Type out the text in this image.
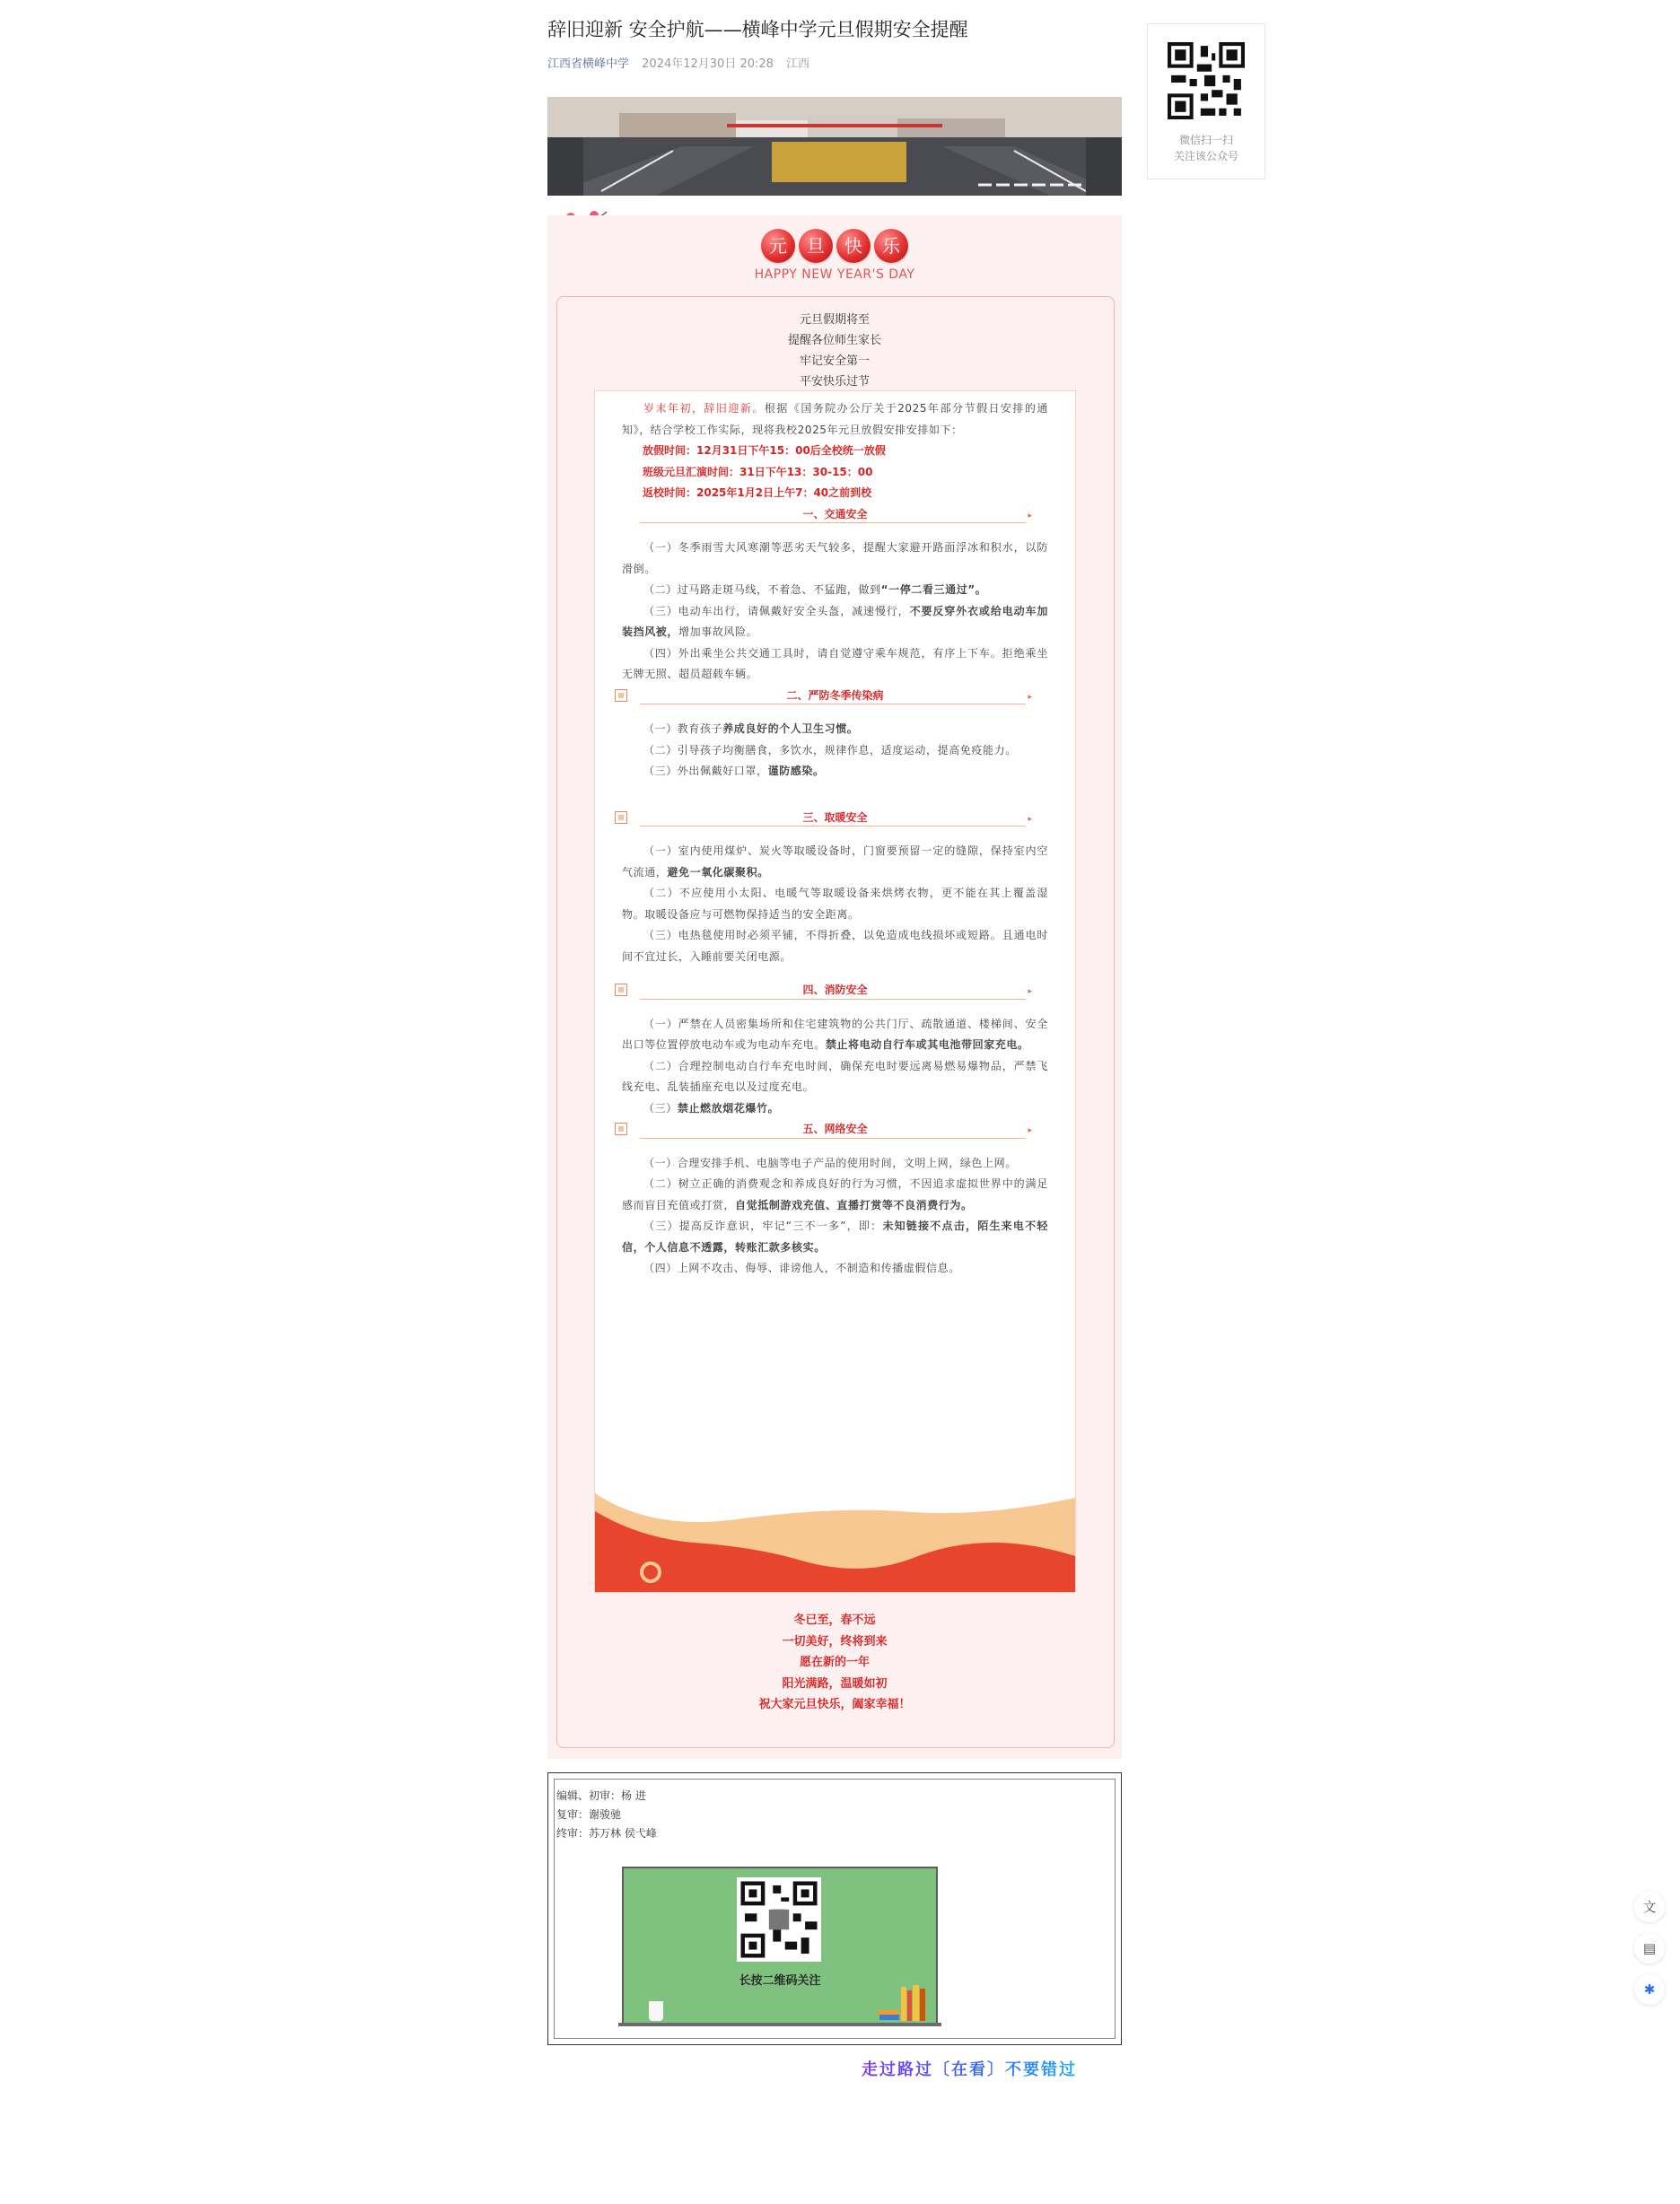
辞旧迎新 安全护航——横峰中学元旦假期安全提醒
江西省横峰中学 2024年12月30日 20:28 江西
元	旦	快	乐
HAPPY NEW YEAR'S DAY
元旦假期将至
提醒各位师生家长
牢记安全第一
平安快乐过节
岁末年初，辞旧迎新。根据《国务院办公厅关于2025年部分节假日安排的通知》，结合学校工作实际，现将我校2025年元旦放假安排安排如下：
放假时间：12月31日下午15：00后全校统一放假
班级元旦汇演时间：31日下午13：30-15：00
返校时间：2025年1月2日上午7：40之前到校
一、交通安全	▸
（一）冬季雨雪大风寒潮等恶劣天气较多，提醒大家避开路面浮冰和积水，以防滑倒。
（二）过马路走斑马线，不着急、不猛跑，做到“一停二看三通过”。
（三）电动车出行，请佩戴好安全头盔，减速慢行，不要反穿外衣或给电动车加装挡风被，增加事故风险。
（四）外出乘坐公共交通工具时，请自觉遵守乘车规范，有序上下车。拒绝乘坐无牌无照、超员超载车辆。
二、严防冬季传染病	▸
（一）教育孩子养成良好的个人卫生习惯。
（二）引导孩子均衡膳食，多饮水，规律作息，适度运动，提高免疫能力。
（三）外出佩戴好口罩，谨防感染。
三、取暖安全	▸
（一）室内使用煤炉、炭火等取暖设备时，门窗要预留一定的缝隙，保持室内空气流通，避免一氧化碳聚积。
（二）不应使用小太阳、电暖气等取暖设备来烘烤衣物，更不能在其上覆盖湿物。取暖设备应与可燃物保持适当的安全距离。
（三）电热毯使用时必须平铺，不得折叠，以免造成电线损坏或短路。且通电时间不宜过长，入睡前要关闭电源。
四、消防安全	▸
（一）严禁在人员密集场所和住宅建筑物的公共门厅、疏散通道、楼梯间、安全出口等位置停放电动车或为电动车充电。禁止将电动自行车或其电池带回家充电。
（二）合理控制电动自行车充电时间，确保充电时要远离易燃易爆物品，严禁飞线充电、乱装插座充电以及过度充电。
（三）禁止燃放烟花爆竹。
五、网络安全	▸
（一）合理安排手机、电脑等电子产品的使用时间，文明上网，绿色上网。
（二）树立正确的消费观念和养成良好的行为习惯，不因追求虚拟世界中的满足感而盲目充值或打赏，自觉抵制游戏充值、直播打赏等不良消费行为。
（三）提高反诈意识，牢记“三不一多”，即：未知链接不点击，陌生来电不轻信，个人信息不透露，转账汇款多核实。
（四）上网不攻击、侮辱、诽谤他人，不制造和传播虚假信息。
冬已至，春不远
一切美好，终将到来
愿在新的一年
阳光满路，温暖如初
祝大家元旦快乐，阖家幸福！
编辑、初审：杨 进
复审：谢骏驰
终审：苏万林 侯弋峰
长按二维码关注
走过路过〔在看〕不要错过
微信扫一扫
关注该公众号
文
▤
✱
